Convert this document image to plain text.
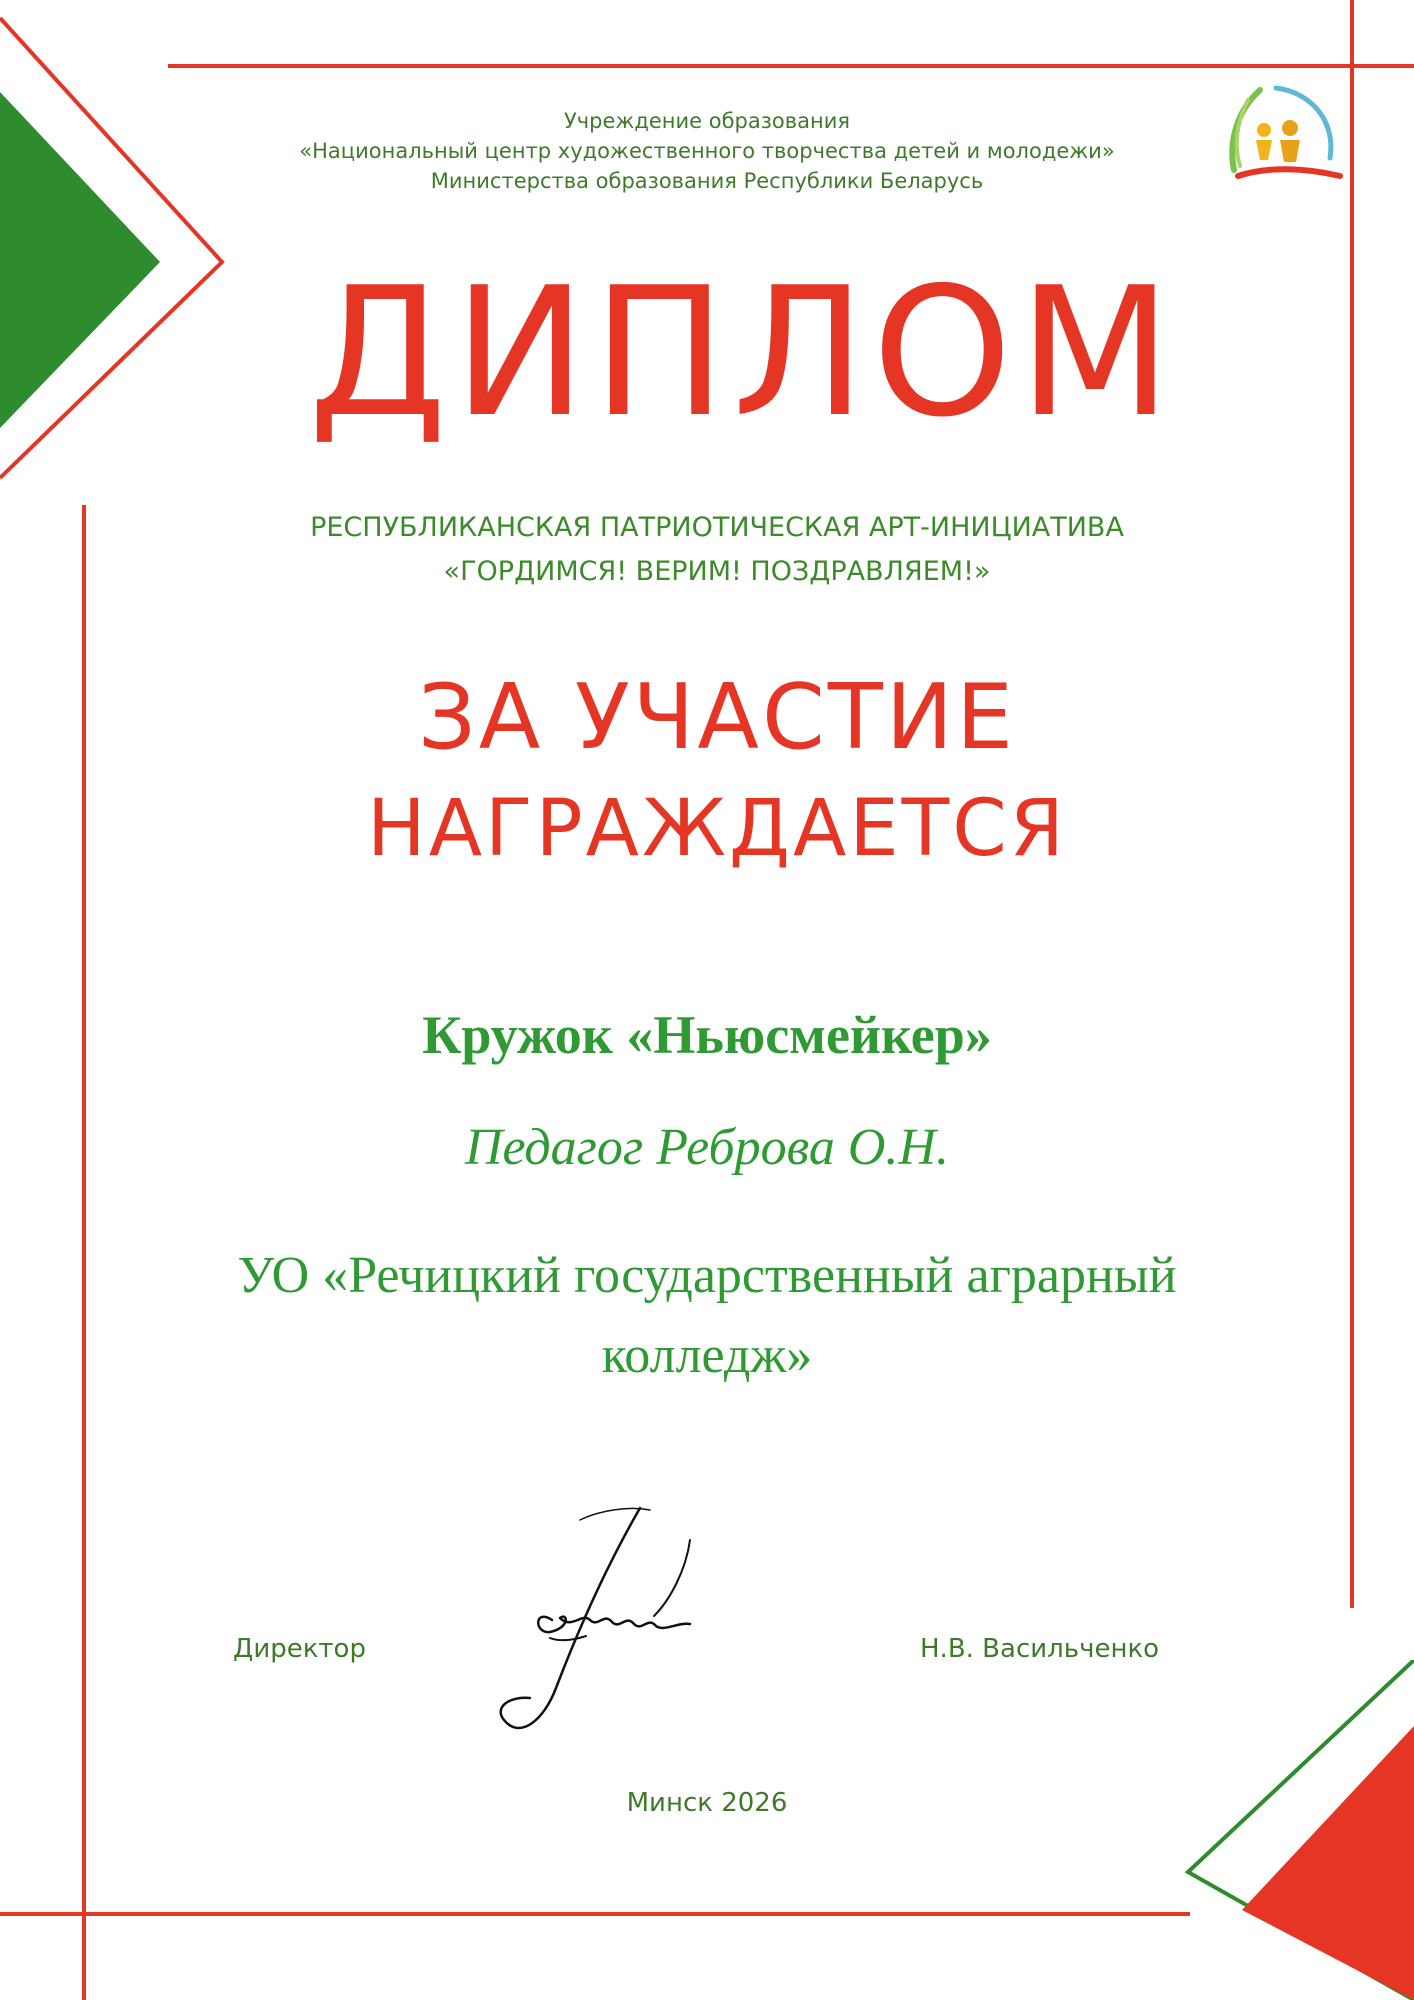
Учреждение образования
«Национальный центр художественного творчества детей и молодежи»
Министерства образования Республики Беларусь
ДИПЛОМ
РЕСПУБЛИКАНСКАЯ ПАТРИОТИЧЕСКАЯ АРТ-ИНИЦИАТИВА
«ГОРДИМСЯ! ВЕРИМ! ПОЗДРАВЛЯЕМ!»
ЗА УЧАСТИЕ
НАГРАЖДАЕТСЯ
Кружок «Ньюсмейкер»
Педагог Реброва О.Н.
УО «Речицкий государственный аграрный
колледж»
Директор	Н.В. Васильченко
Минск 2026
